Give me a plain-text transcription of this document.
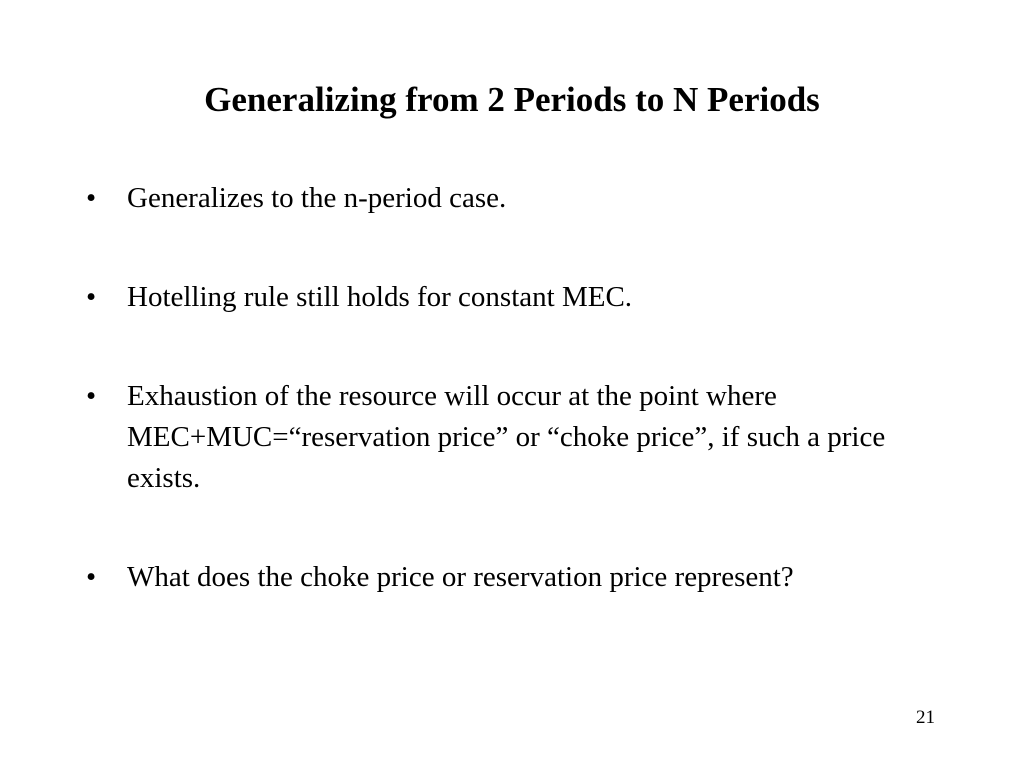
Generalizing from 2 Periods to N Periods
•	Generalizes to the n-period case.
•	Hotelling rule still holds for constant MEC.
•	Exhaustion of the resource will occur at the point where MEC+MUC=“reservation price” or “choke price”, if such a price exists.
•	What does the choke price or reservation price represent?
21
